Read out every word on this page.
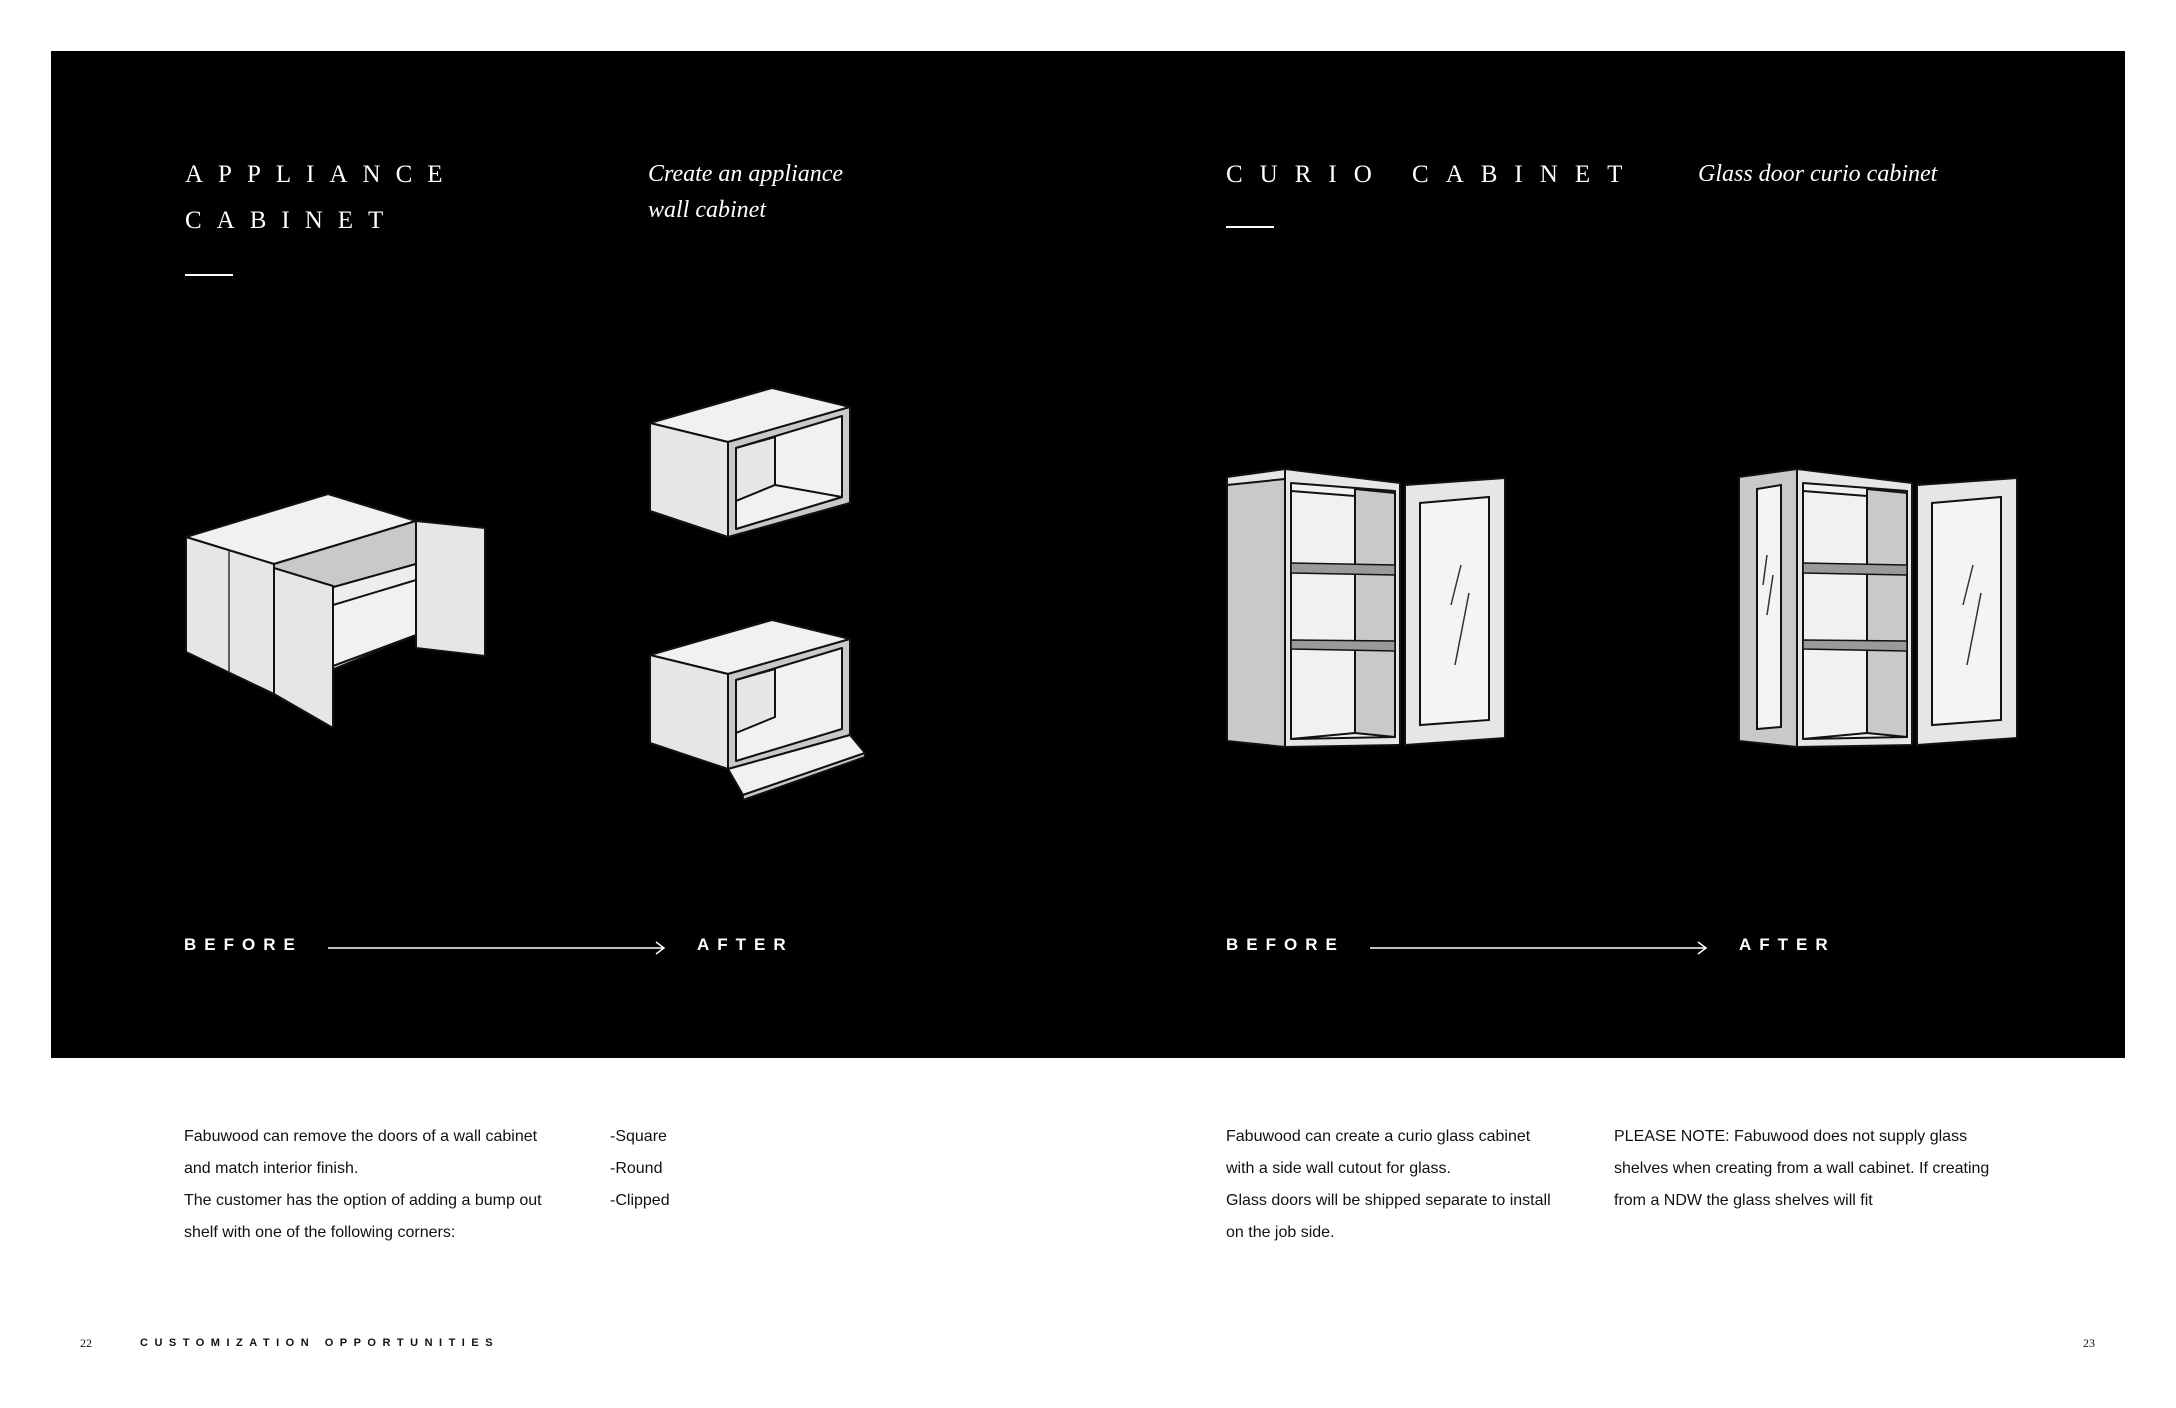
APPLIANCE
CABINET
Create an appliance
wall cabinet
CURIO CABINET Glass door curio cabinet
BEFORE	AFTER	BEFORE	AFTER
Fabuwood can remove the doors of a wall cabinet
and match interior finish.
The customer has the option of adding a bump out
shelf with one of the following corners:
-Square
-Round
-Clipped
Fabuwood can create a curio glass cabinet
with a side wall cutout for glass.
Glass doors will be shipped separate to install
on the job side.
PLEASE NOTE: Fabuwood does not supply glass
shelves when creating from a wall cabinet. If creating
from a NDW the glass shelves will fit
22	CUSTOMIZATION OPPORTUNITIES	23
